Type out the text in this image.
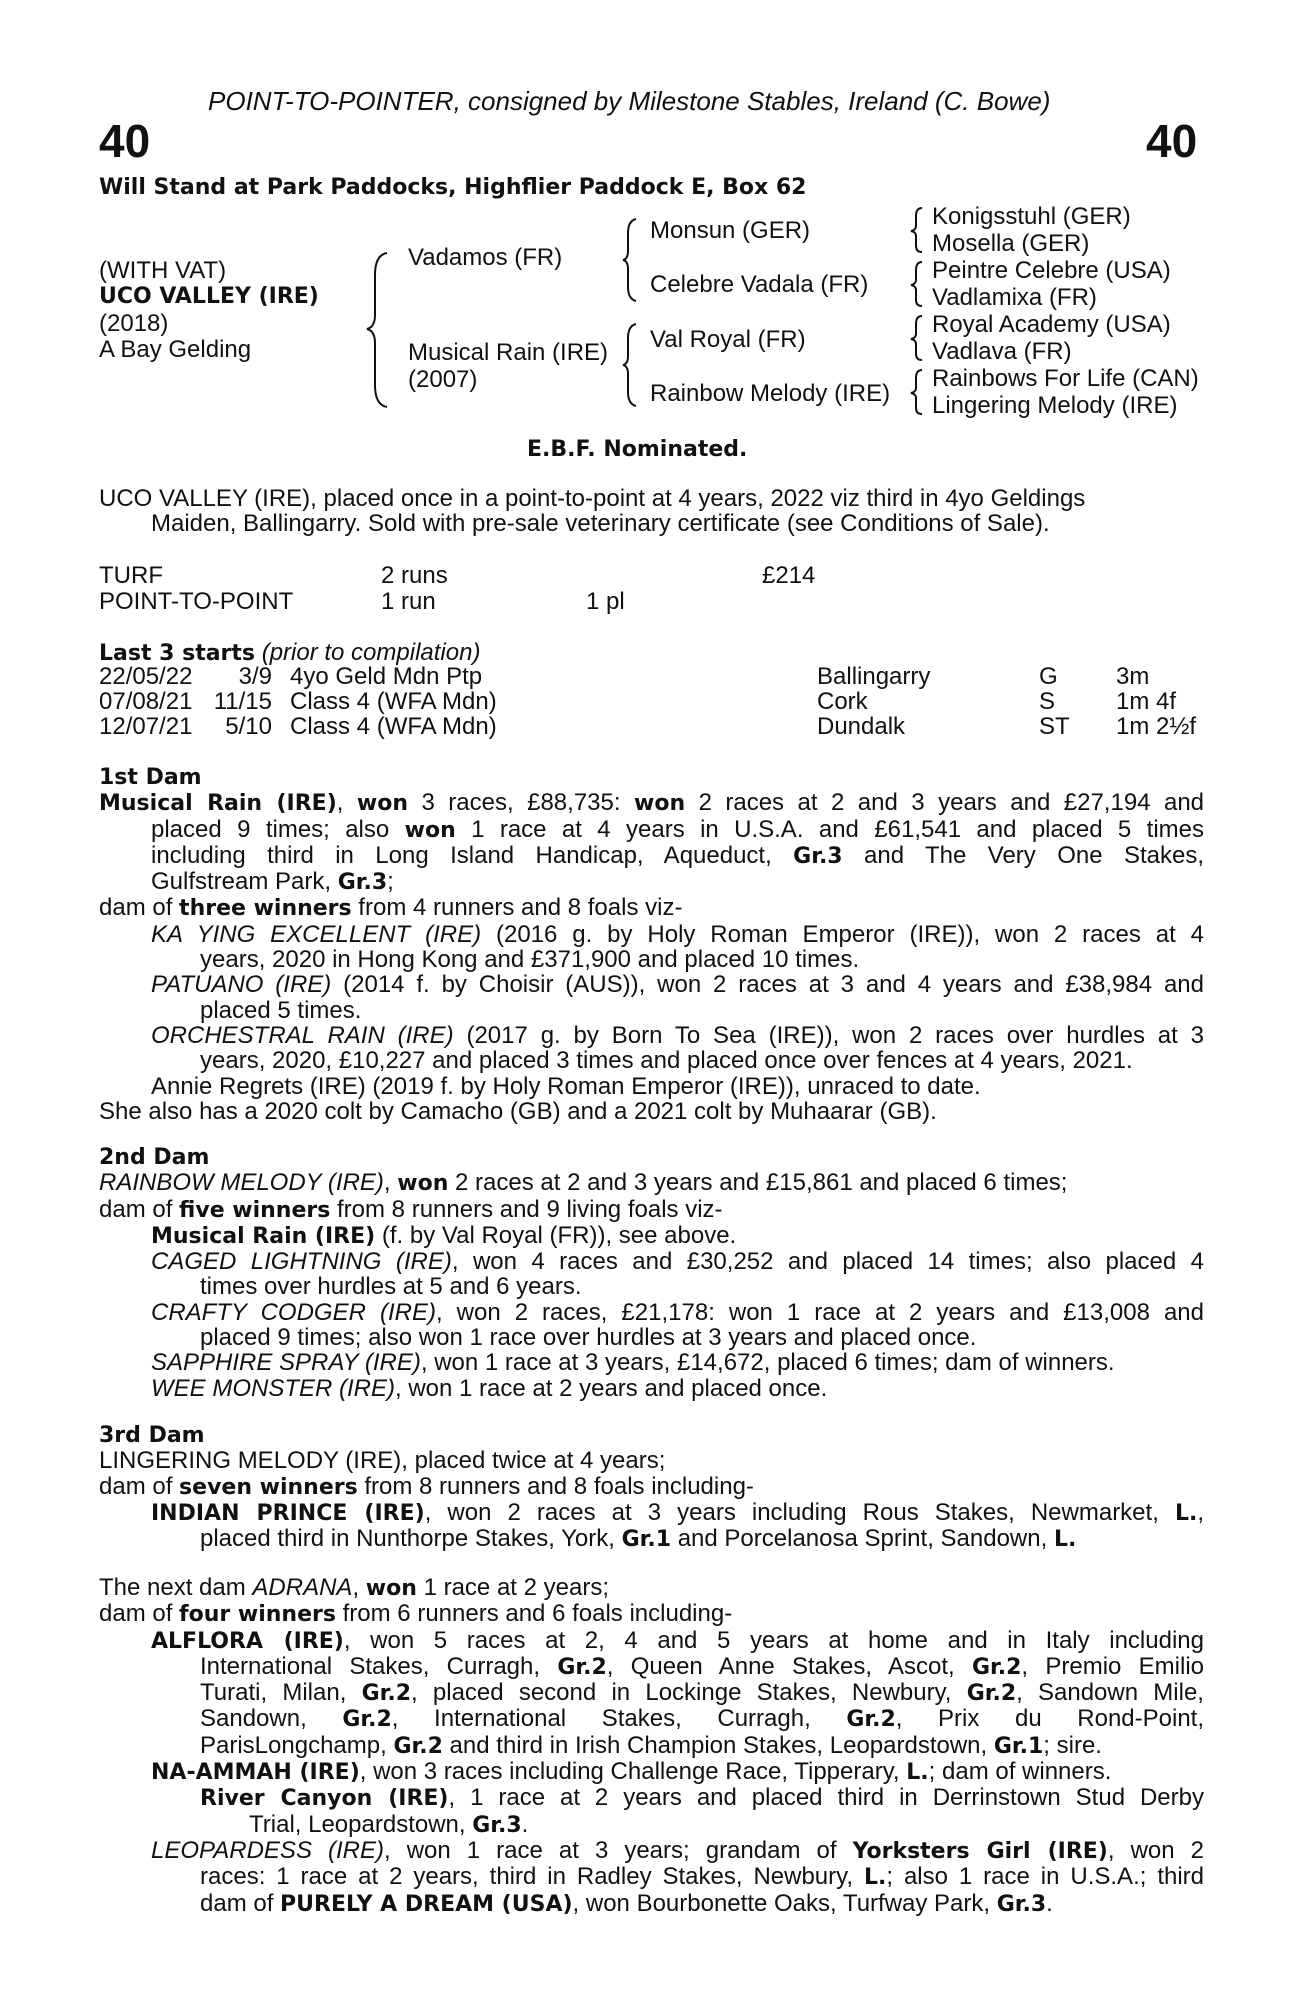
POINT-TO-POINTER, consigned by Milestone Stables, Ireland (C. Bowe)
40	40
Will Stand at Park Paddocks, Highflier Paddock E, Box 62
(WITH VAT)
UCO VALLEY (IRE)
(2018)
A Bay Gelding
Vadamos (FR)
Musical Rain (IRE)
(2007)
Monsun (GER)
Celebre Vadala (FR)
Val Royal (FR)
Rainbow Melody (IRE)
Konigsstuhl (GER)
Mosella (GER)
Peintre Celebre (USA)
Vadlamixa (FR)
Royal Academy (USA)
Vadlava (FR)
Rainbows For Life (CAN)
Lingering Melody (IRE)
E.B.F. Nominated.
UCO VALLEY (IRE), placed once in a point-to-point at 4 years, 2022 viz third in 4yo Geldings
Maiden, Ballingarry. Sold with pre-sale veterinary certificate (see Conditions of Sale).
TURF	2 runs	£214
POINT-TO-POINT	1 run	1 pl
Last 3 starts (prior to compilation)
22/05/22	3/9 4yo Geld Mdn Ptp	Ballingarry	G 3m
07/08/21 11/15 Class 4 (WFA Mdn)	Cork	S	1m 4f
12/07/21	5/10 Class 4 (WFA Mdn)	Dundalk	ST 1m 2½f
1st Dam
Musical Rain (IRE), won 3 races, £88,735: won 2 races at 2 and 3 years and £27,194 and
placed 9 times; also won 1 race at 4 years in U.S.A. and £61,541 and placed 5 times
including third in Long Island Handicap, Aqueduct, Gr.3 and The Very One Stakes,
Gulfstream Park, Gr.3;
dam of three winners from 4 runners and 8 foals viz-
KA YING EXCELLENT (IRE) (2016 g. by Holy Roman Emperor (IRE)), won 2 races at 4
years, 2020 in Hong Kong and £371,900 and placed 10 times.
PATUANO (IRE) (2014 f. by Choisir (AUS)), won 2 races at 3 and 4 years and £38,984 and
placed 5 times.
ORCHESTRAL RAIN (IRE) (2017 g. by Born To Sea (IRE)), won 2 races over hurdles at 3
years, 2020, £10,227 and placed 3 times and placed once over fences at 4 years, 2021.
Annie Regrets (IRE) (2019 f. by Holy Roman Emperor (IRE)), unraced to date.
She also has a 2020 colt by Camacho (GB) and a 2021 colt by Muhaarar (GB).
2nd Dam
RAINBOW MELODY (IRE), won 2 races at 2 and 3 years and £15,861 and placed 6 times;
dam of five winners from 8 runners and 9 living foals viz-
Musical Rain (IRE) (f. by Val Royal (FR)), see above.
CAGED LIGHTNING (IRE), won 4 races and £30,252 and placed 14 times; also placed 4
times over hurdles at 5 and 6 years.
CRAFTY CODGER (IRE), won 2 races, £21,178: won 1 race at 2 years and £13,008 and
placed 9 times; also won 1 race over hurdles at 3 years and placed once.
SAPPHIRE SPRAY (IRE), won 1 race at 3 years, £14,672, placed 6 times; dam of winners.
WEE MONSTER (IRE), won 1 race at 2 years and placed once.
3rd Dam
LINGERING MELODY (IRE), placed twice at 4 years;
dam of seven winners from 8 runners and 8 foals including-
INDIAN PRINCE (IRE), won 2 races at 3 years including Rous Stakes, Newmarket, L.,
placed third in Nunthorpe Stakes, York, Gr.1 and Porcelanosa Sprint, Sandown, L.
The next dam ADRANA, won 1 race at 2 years;
dam of four winners from 6 runners and 6 foals including-
ALFLORA (IRE), won 5 races at 2, 4 and 5 years at home and in Italy including
International Stakes, Curragh, Gr.2, Queen Anne Stakes, Ascot, Gr.2, Premio Emilio
Turati, Milan, Gr.2, placed second in Lockinge Stakes, Newbury, Gr.2, Sandown Mile,
Sandown, Gr.2, International Stakes, Curragh, Gr.2, Prix du Rond-Point,
ParisLongchamp, Gr.2 and third in Irish Champion Stakes, Leopardstown, Gr.1; sire.
NA-AMMAH (IRE), won 3 races including Challenge Race, Tipperary, L.; dam of winners.
River Canyon (IRE), 1 race at 2 years and placed third in Derrinstown Stud Derby
Trial, Leopardstown, Gr.3.
LEOPARDESS (IRE), won 1 race at 3 years; grandam of Yorksters Girl (IRE), won 2
races: 1 race at 2 years, third in Radley Stakes, Newbury, L.; also 1 race in U.S.A.; third
dam of PURELY A DREAM (USA), won Bourbonette Oaks, Turfway Park, Gr.3.
